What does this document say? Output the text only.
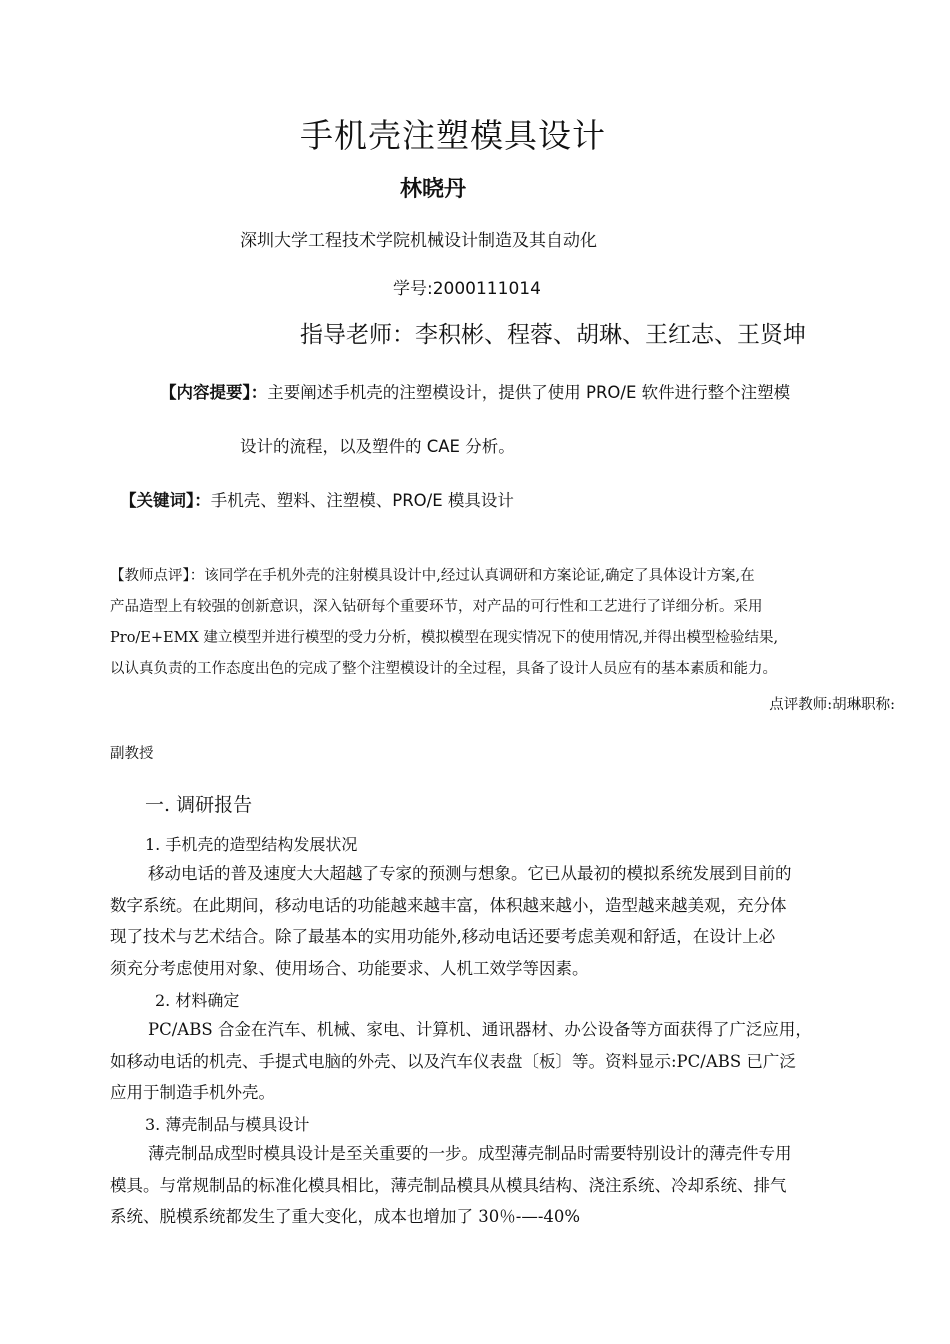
手机壳注塑模具设计
林晓丹
深圳大学工程技术学院机械设计制造及其自动化
学号:2000111014
指导老师：李积彬、程蓉、胡琳、王红志、王贤坤
【内容提要】：主要阐述手机壳的注塑模设计，提供了使用 PRO/E 软件进行整个注塑模
设计的流程，以及塑件的 CAE 分析。
【关键词】：手机壳、塑料、注塑模、PRO/E 模具设计
【教师点评】：该同学在手机外壳的注射模具设计中,经过认真调研和方案论证,确定了具体设计方案,在
产品造型上有较强的创新意识，深入钻研每个重要环节，对产品的可行性和工艺进行了详细分析。采用
Pro/E+EMX 建立模型并进行模型的受力分析，模拟模型在现实情况下的使用情况,并得出模型检验结果,
以认真负责的工作态度出色的完成了整个注塑模设计的全过程，具备了设计人员应有的基本素质和能力。
点评教师:胡琳职称:
副教授
一. 调研报告
1. 手机壳的造型结构发展状况
移动电话的普及速度大大超越了专家的预测与想象。它已从最初的模拟系统发展到目前的
数字系统。在此期间，移动电话的功能越来越丰富，体积越来越小，造型越来越美观，充分体
现了技术与艺术结合。除了最基本的实用功能外,移动电话还要考虑美观和舒适，在设计上必
须充分考虑使用对象、使用场合、功能要求、人机工效学等因素。
2. 材料确定
PC/ABS 合金在汽车、机械、家电、计算机、通讯器材、办公设备等方面获得了广泛应用，
如移动电话的机壳、手提式电脑的外壳、以及汽车仪表盘〔板〕等。资料显示:PC/ABS 已广泛
应用于制造手机外壳。
3. 薄壳制品与模具设计
薄壳制品成型时模具设计是至关重要的一步。成型薄壳制品时需要特别设计的薄壳件专用
模具。与常规制品的标准化模具相比，薄壳制品模具从模具结构、浇注系统、冷却系统、排气
系统、脱模系统都发生了重大变化，成本也增加了 30％-—-40%
